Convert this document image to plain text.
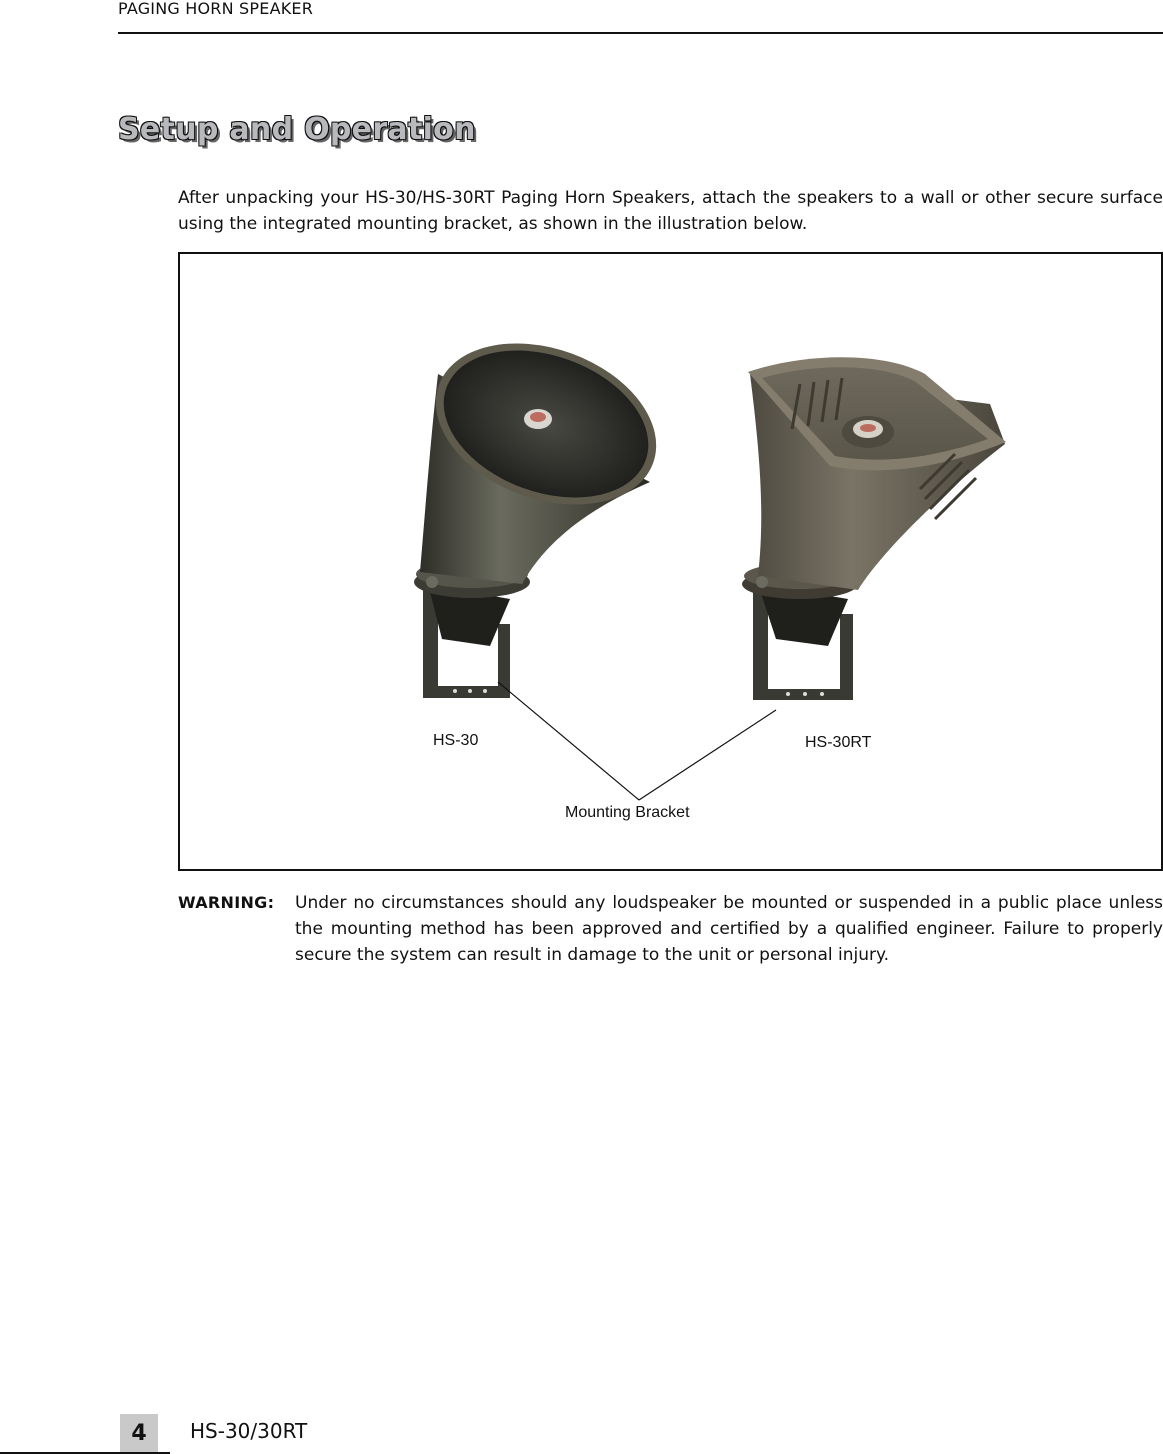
PAGING HORN SPEAKER
Setup and Operation

After unpacking your HS-30/HS-30RT Paging Horn Speakers, attach the speakers to a wall or other secure surface using the integrated mounting bracket, as shown in the illustration below.

HS-30	HS-30RT
Mounting Bracket
WARNING: Under no circumstances should any loudspeaker be mounted or suspended in a public place unless the mounting method has been approved and certified by a qualified engineer. Failure to properly secure the system can result in damage to the unit or personal injury.
4	HS-30/30RT
